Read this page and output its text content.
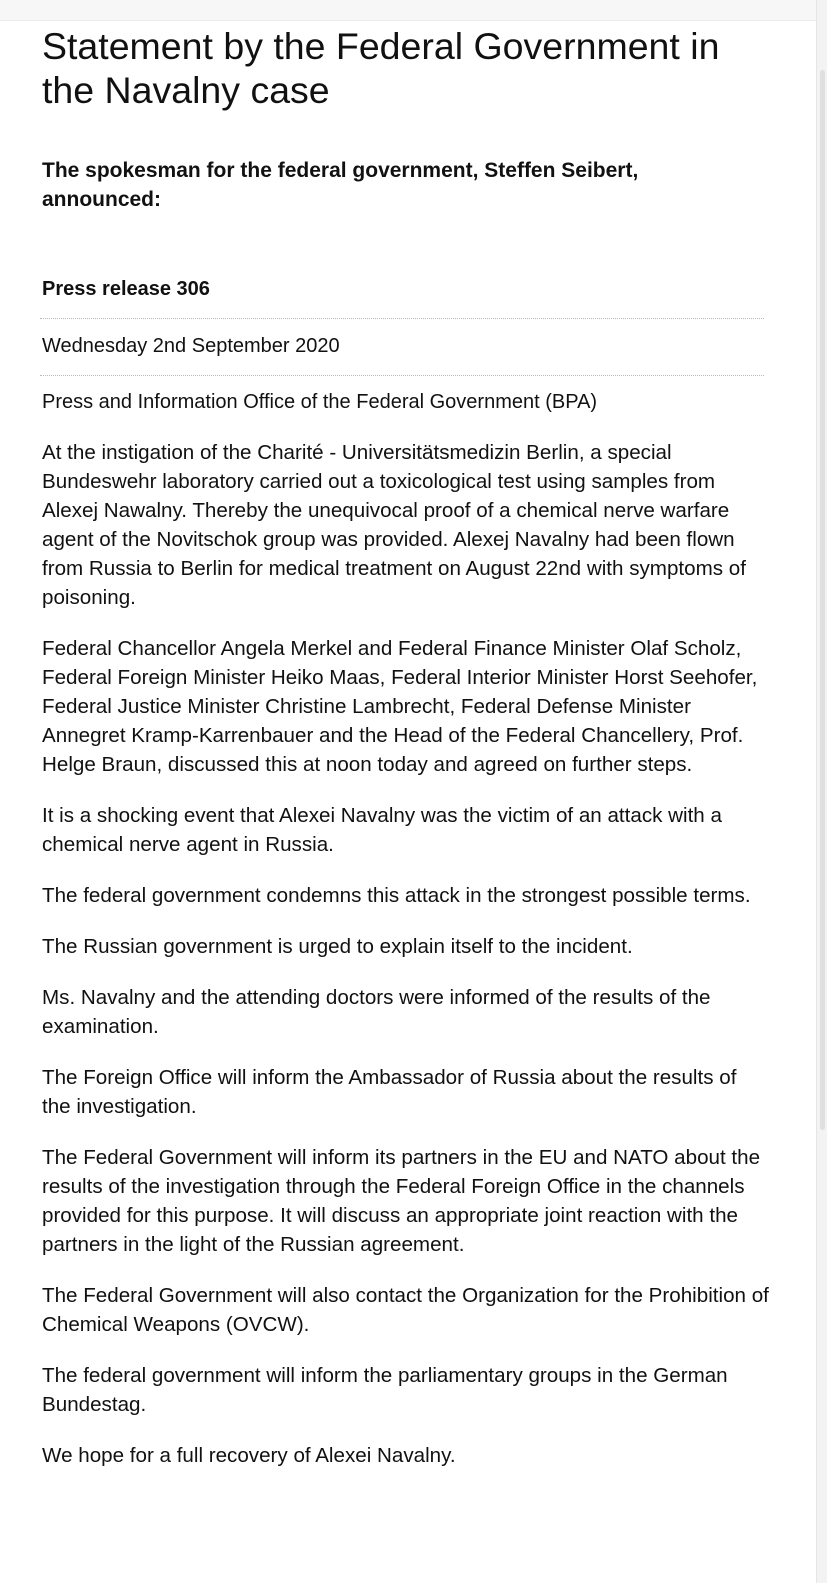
Statement by the Federal Government in the Navalny case

The spokesman for the federal government, Steffen Seibert, announced:

Press release 306
Wednesday 2nd September 2020
Press and Information Office of the Federal Government (BPA)

At the instigation of the Charité - Universitätsmedizin Berlin, a special Bundeswehr laboratory carried out a toxicological test using samples from Alexej Nawalny. Thereby the unequivocal proof of a chemical nerve warfare agent of the Novitschok group was provided. Alexej Navalny had been flown from Russia to Berlin for medical treatment on August 22nd with symptoms of poisoning.

Federal Chancellor Angela Merkel and Federal Finance Minister Olaf Scholz, Federal Foreign Minister Heiko Maas, Federal Interior Minister Horst Seehofer, Federal Justice Minister Christine Lambrecht, Federal Defense Minister Annegret Kramp-Karrenbauer and the Head of the Federal Chancellery, Prof. Helge Braun, discussed this at noon today and agreed on further steps.

It is a shocking event that Alexei Navalny was the victim of an attack with a chemical nerve agent in Russia.

The federal government condemns this attack in the strongest possible terms.

The Russian government is urged to explain itself to the incident.

Ms. Navalny and the attending doctors were informed of the results of the examination.

The Foreign Office will inform the Ambassador of Russia about the results of the investigation.

The Federal Government will inform its partners in the EU and NATO about the results of the investigation through the Federal Foreign Office in the channels provided for this purpose. It will discuss an appropriate joint reaction with the partners in the light of the Russian agreement.

The Federal Government will also contact the Organization for the Prohibition of Chemical Weapons (OVCW).

The federal government will inform the parliamentary groups in the German Bundestag.

We hope for a full recovery of Alexei Navalny.
